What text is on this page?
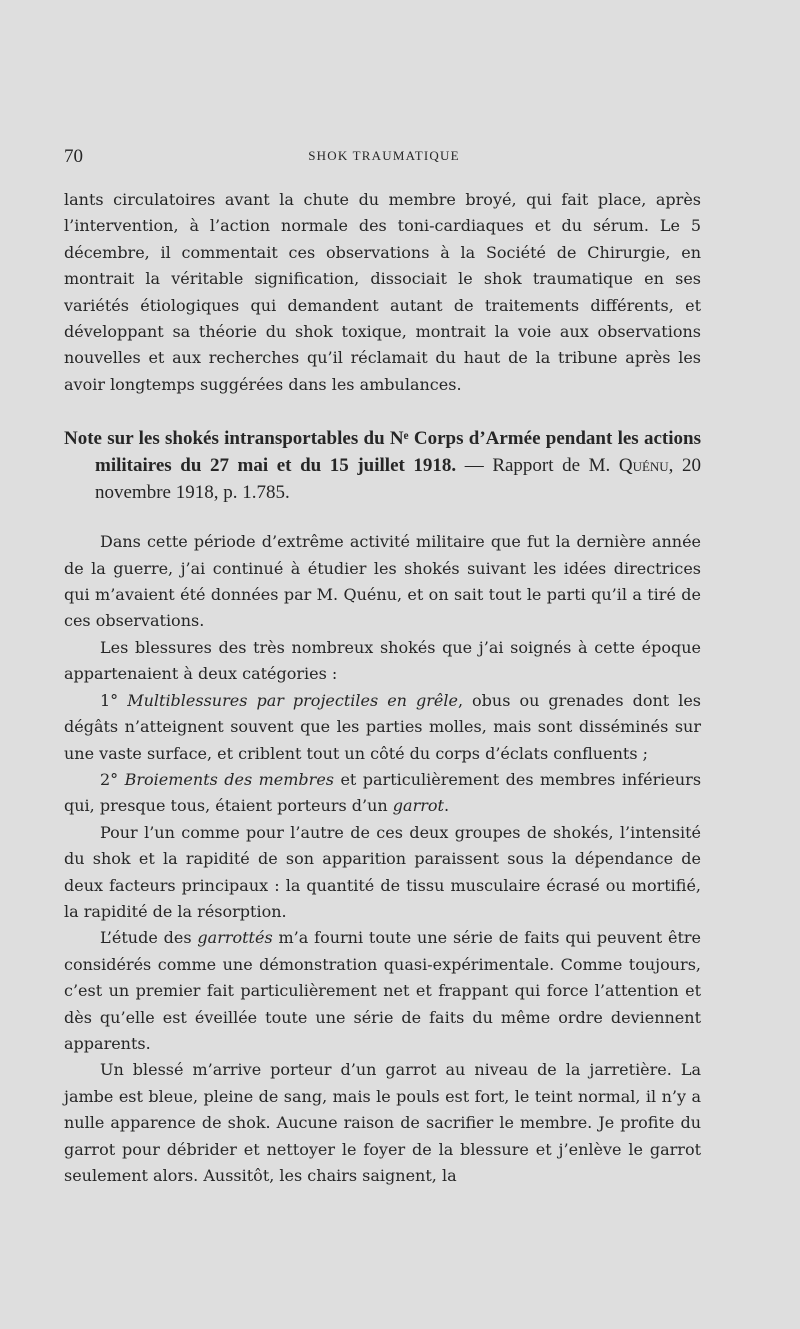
70	SHOK TRAUMATIQUE

lants circulatoires avant la chute du membre broyé, qui fait place, après l’intervention, à l’action normale des toni-cardiaques et du sérum. Le 5 décembre, il commentait ces observations à la Société de Chirurgie, en montrait la véritable signification, dissociait le shok traumatique en ses variétés étiologiques qui demandent autant de traitements différents, et développant sa théorie du shok toxique, montrait la voie aux observations nouvelles et aux recherches qu’il réclamait du haut de la tribune après les avoir longtemps suggérées dans les ambulances.

Note sur les shokés intransportables du Nᵉ Corps d’Armée pendant les actions militaires du 27 mai et du 15 juillet 1918. — Rapport de M. Quénu, 20 novembre 1918, p. 1.785.

Dans cette période d’extrême activité militaire que fut la dernière année de la guerre, j’ai continué à étudier les shokés suivant les idées directrices qui m’avaient été données par M. Quénu, et on sait tout le parti qu’il a tiré de ces observations.

Les blessures des très nombreux shokés que j’ai soignés à cette époque appartenaient à deux catégories :

1° Multiblessures par projectiles en grêle, obus ou grenades dont les dégâts n’atteignent souvent que les parties molles, mais sont disséminés sur une vaste surface, et criblent tout un côté du corps d’éclats confluents ;

2° Broiements des membres et particulièrement des membres inférieurs qui, presque tous, étaient porteurs d’un garrot.

Pour l’un comme pour l’autre de ces deux groupes de shokés, l’intensité du shok et la rapidité de son apparition paraissent sous la dépendance de deux facteurs principaux : la quantité de tissu musculaire écrasé ou mortifié, la rapidité de la résorption.

L’étude des garrottés m’a fourni toute une série de faits qui peuvent être considérés comme une démonstration quasi-expérimentale. Comme toujours, c’est un premier fait particulièrement net et frappant qui force l’attention et dès qu’elle est éveillée toute une série de faits du même ordre deviennent apparents.

Un blessé m’arrive porteur d’un garrot au niveau de la jarretière. La jambe est bleue, pleine de sang, mais le pouls est fort, le teint normal, il n’y a nulle apparence de shok. Aucune raison de sacrifier le membre. Je profite du garrot pour débrider et nettoyer le foyer de la blessure et j’enlève le garrot seulement alors. Aussitôt, les chairs saignent, la
